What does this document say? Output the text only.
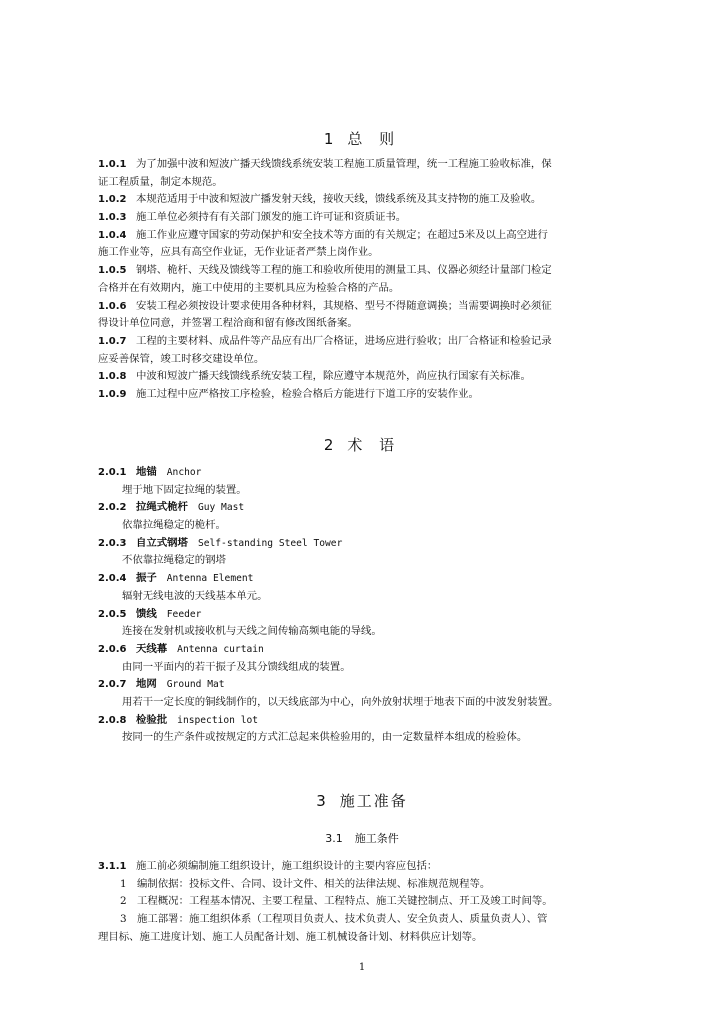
1总 则
1.0.1 为了加强中波和短波广播天线馈线系统安装工程施工质量管理，统一工程施工验收标准，保
证工程质量，制定本规范。
1.0.2 本规范适用于中波和短波广播发射天线，接收天线，馈线系统及其支持物的施工及验收。
1.0.3 施工单位必须持有有关部门颁发的施工许可证和资质证书。
1.0.4 施工作业应遵守国家的劳动保护和安全技术等方面的有关规定；在超过5米及以上高空进行
施工作业等，应具有高空作业证，无作业证者严禁上岗作业。
1.0.5 钢塔、桅杆、天线及馈线等工程的施工和验收所使用的测量工具、仪器必须经计量部门检定
合格并在有效期内，施工中使用的主要机具应为检验合格的产品。
1.0.6 安装工程必须按设计要求使用各种材料，其规格、型号不得随意调换；当需要调换时必须征
得设计单位同意，并签署工程洽商和留有修改图纸备案。
1.0.7 工程的主要材料、成品件等产品应有出厂合格证，进场应进行验收；出厂合格证和检验记录
应妥善保管，竣工时移交建设单位。
1.0.8 中波和短波广播天线馈线系统安装工程，除应遵守本规范外，尚应执行国家有关标准。
1.0.9 施工过程中应严格按工序检验，检验合格后方能进行下道工序的安装作业。
2术 语
2.0.1 地锚 Anchor
埋于地下固定拉绳的装置。
2.0.2 拉绳式桅杆 Guy Mast
依靠拉绳稳定的桅杆。
2.0.3 自立式钢塔 Self-standing Steel Tower
不依靠拉绳稳定的钢塔
2.0.4 振子 Antenna Element
辐射无线电波的天线基本单元。
2.0.5 馈线 Feeder
连接在发射机或接收机与天线之间传输高频电能的导线。
2.0.6 天线幕 Antenna curtain
由同一平面内的若干振子及其分馈线组成的装置。
2.0.7 地网 Ground Mat
用若干一定长度的铜线制作的，以天线底部为中心，向外放射状埋于地表下面的中波发射装置。
2.0.8 检验批 inspection lot
按同一的生产条件或按规定的方式汇总起来供检验用的，由一定数量样本组成的检验体。
3施工准备
3.1 施工条件
3.1.1 施工前必须编制施工组织设计，施工组织设计的主要内容应包括：
1　编制依据：投标文件、合同、设计文件、相关的法律法规、标准规范规程等。
2　工程概况：工程基本情况、主要工程量、工程特点、施工关键控制点、开工及竣工时间等。
3　施工部署：施工组织体系（工程项目负责人、技术负责人、安全负责人、质量负责人）、管
理目标、施工进度计划、施工人员配备计划、施工机械设备计划、材料供应计划等。
1
